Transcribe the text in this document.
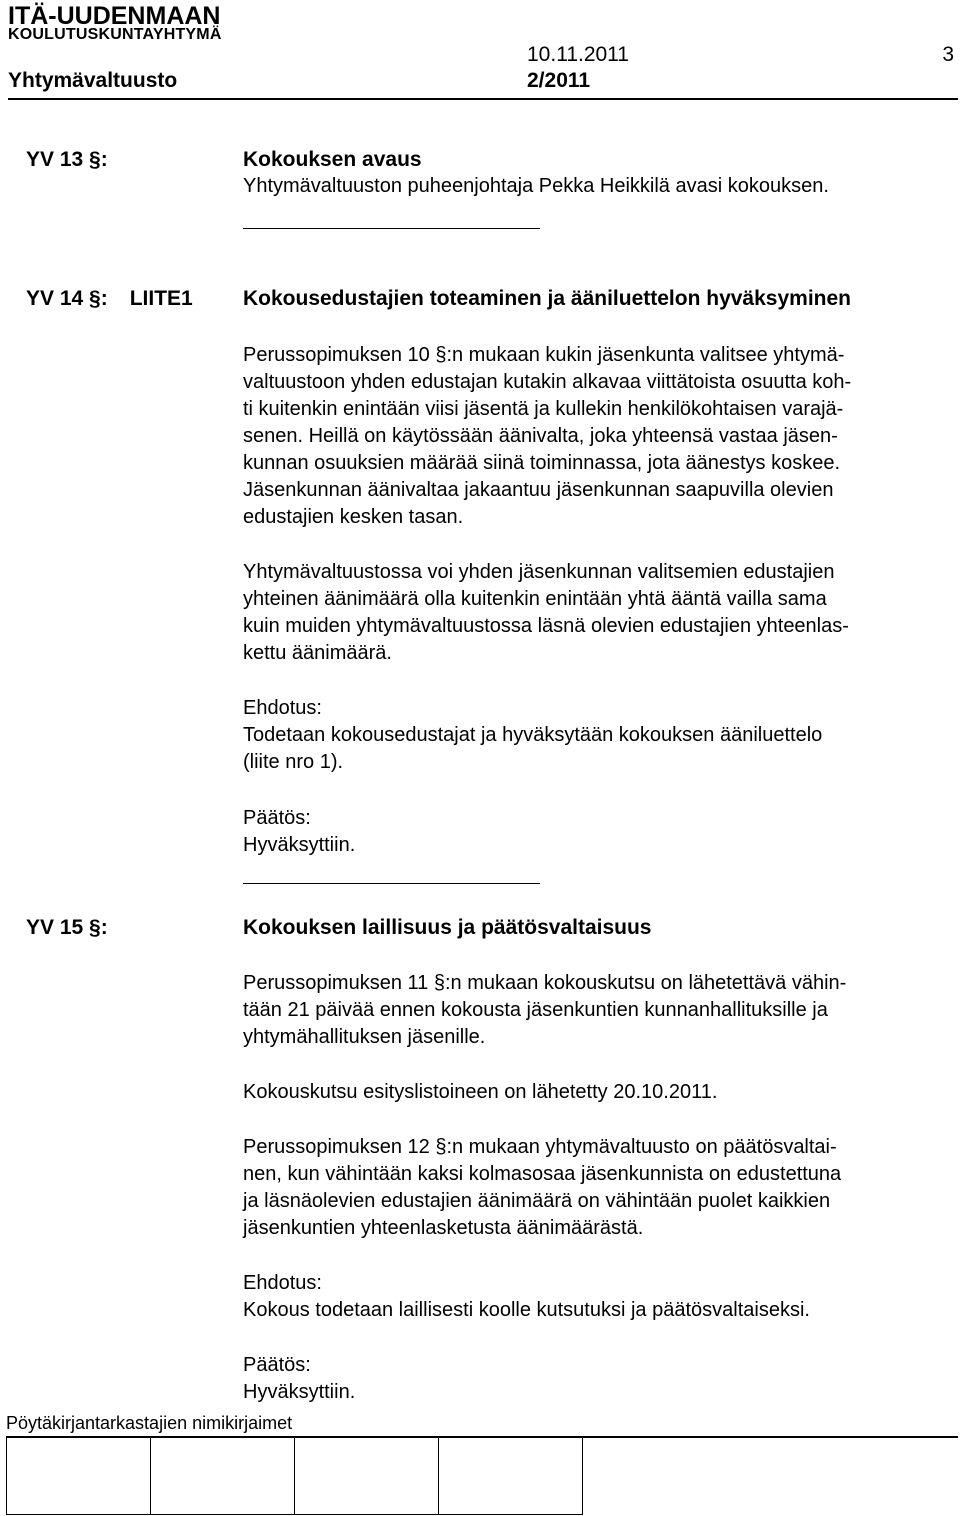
ITÄ-UUDENMAAN
KOULUTUSKUNTAYHTYMÄ
Yhtymävaltuusto
10.11.2011
2/2011
3
YV 13 §:	Kokouksen avaus
Yhtymävaltuuston puheenjohtaja Pekka Heikkilä avasi kokouksen.
YV 14 §: LIITE1 Kokousedustajien toteaminen ja ääniluettelon hyväksyminen
Perussopimuksen 10 §:n mukaan kukin jäsenkunta valitsee yhtymä-
valtuustoon yhden edustajan kutakin alkavaa viittätoista osuutta koh-
ti kuitenkin enintään viisi jäsentä ja kullekin henkilökohtaisen varajä-
senen. Heillä on käytössään äänivalta, joka yhteensä vastaa jäsen-
kunnan osuuksien määrää siinä toiminnassa, jota äänestys koskee.
Jäsenkunnan äänivaltaa jakaantuu jäsenkunnan saapuvilla olevien
edustajien kesken tasan.
Yhtymävaltuustossa voi yhden jäsenkunnan valitsemien edustajien
yhteinen äänimäärä olla kuitenkin enintään yhtä ääntä vailla sama
kuin muiden yhtymävaltuustossa läsnä olevien edustajien yhteenlas-
kettu äänimäärä.
Ehdotus:
Todetaan kokousedustajat ja hyväksytään kokouksen ääniluettelo
(liite nro 1).
Päätös:
Hyväksyttiin.
YV 15 §:	Kokouksen laillisuus ja päätösvaltaisuus
Perussopimuksen 11 §:n mukaan kokouskutsu on lähetettävä vähin-
tään 21 päivää ennen kokousta jäsenkuntien kunnanhallituksille ja
yhtymähallituksen jäsenille.
Kokouskutsu esityslistoineen on lähetetty 20.10.2011.
Perussopimuksen 12 §:n mukaan yhtymävaltuusto on päätösvaltai-
nen, kun vähintään kaksi kolmasosaa jäsenkunnista on edustettuna
ja läsnäolevien edustajien äänimäärä on vähintään puolet kaikkien
jäsenkuntien yhteenlasketusta äänimäärästä.
Ehdotus:
Kokous todetaan laillisesti koolle kutsutuksi ja päätösvaltaiseksi.
Päätös:
Hyväksyttiin.
Pöytäkirjantarkastajien nimikirjaimet
